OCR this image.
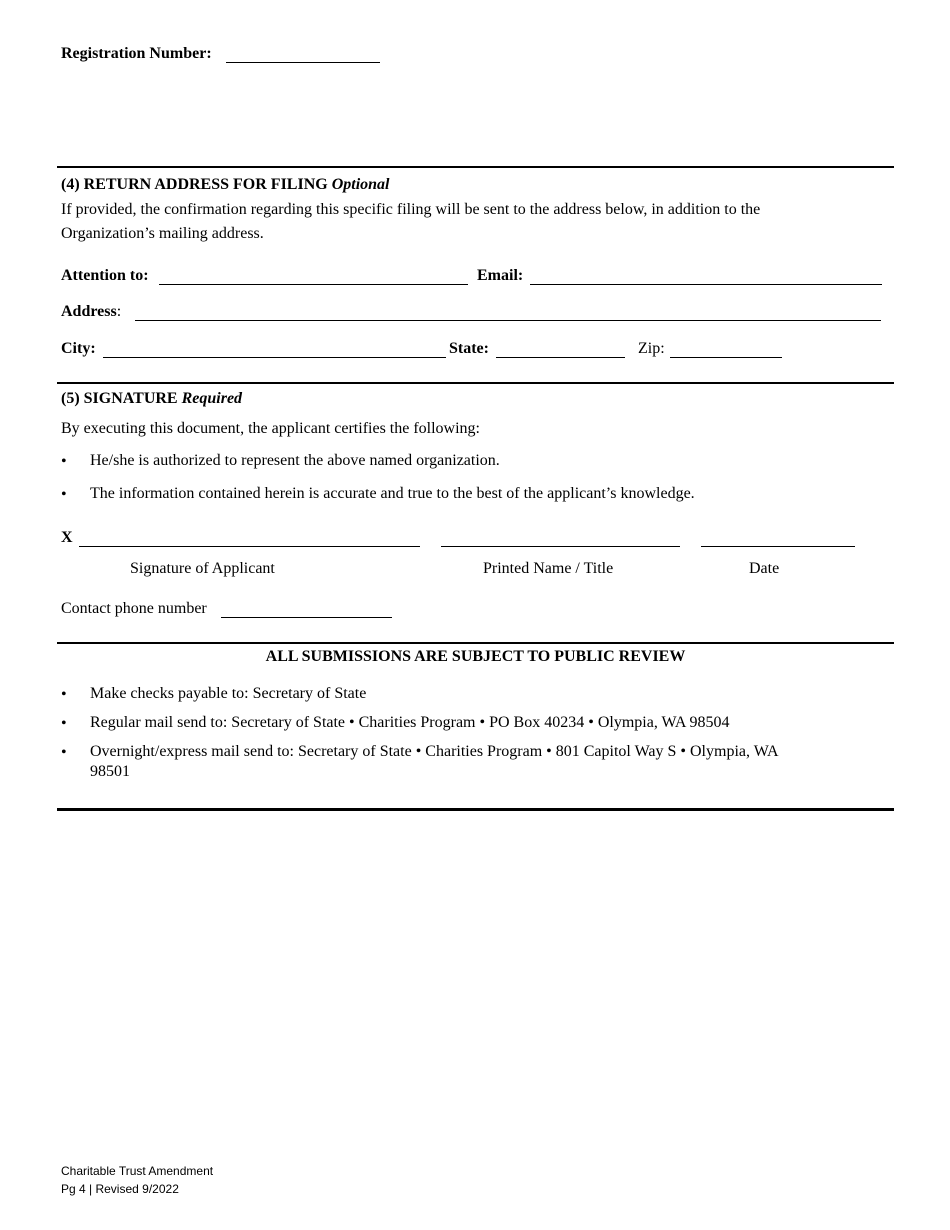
Registration Number:
(4) RETURN ADDRESS FOR FILING Optional
If provided, the confirmation regarding this specific filing will be sent to the address below, in addition to the
Organization’s mailing address.
Attention to:	Email:
Address:
City:	State:	Zip:
(5) SIGNATURE Required
By executing this document, the applicant certifies the following:
• He/she is authorized to represent the above named organization.
• The information contained herein is accurate and true to the best of the applicant’s knowledge.
X
Signature of Applicant	Printed Name / Title	Date
Contact phone number
ALL SUBMISSIONS ARE SUBJECT TO PUBLIC REVIEW
• Make checks payable to: Secretary of State
• Regular mail send to: Secretary of State • Charities Program • PO Box 40234 • Olympia, WA 98504
• Overnight/express mail send to: Secretary of State • Charities Program • 801 Capitol Way S • Olympia, WA
98501
Charitable Trust Amendment
Pg 4 | Revised 9/2022
